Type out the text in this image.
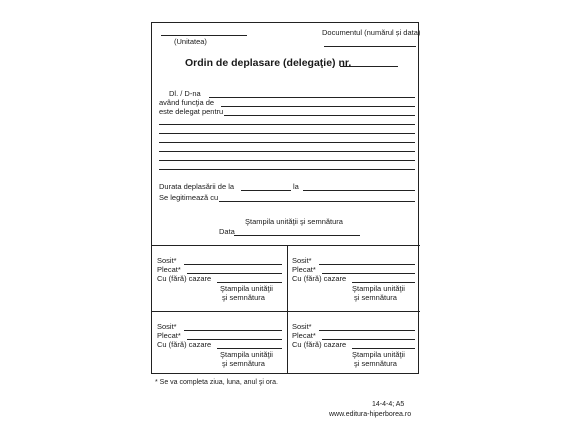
(Unitatea)
Documentul (numărul și data)
Ordin de deplasare (delegaţie) nr.
Dl. / D-na
având funcţia de
este delegat pentru
Durata deplasării de la	la
Se legitimează cu
Ştampila unităţii şi semnătura
Data
Sosit*
Plecat*
Cu (fără) cazare
Ştampila unităţii
şi semnătura
Sosit*
Plecat*
Cu (fără) cazare
Ştampila unităţii
şi semnătura
Sosit*
Plecat*
Cu (fără) cazare
Ştampila unităţii
şi semnătura
Sosit*
Plecat*
Cu (fără) cazare
Ştampila unităţii
şi semnătura
* Se va completa ziua, luna, anul şi ora.
14-4-4; A5
www.editura-hiperborea.ro
